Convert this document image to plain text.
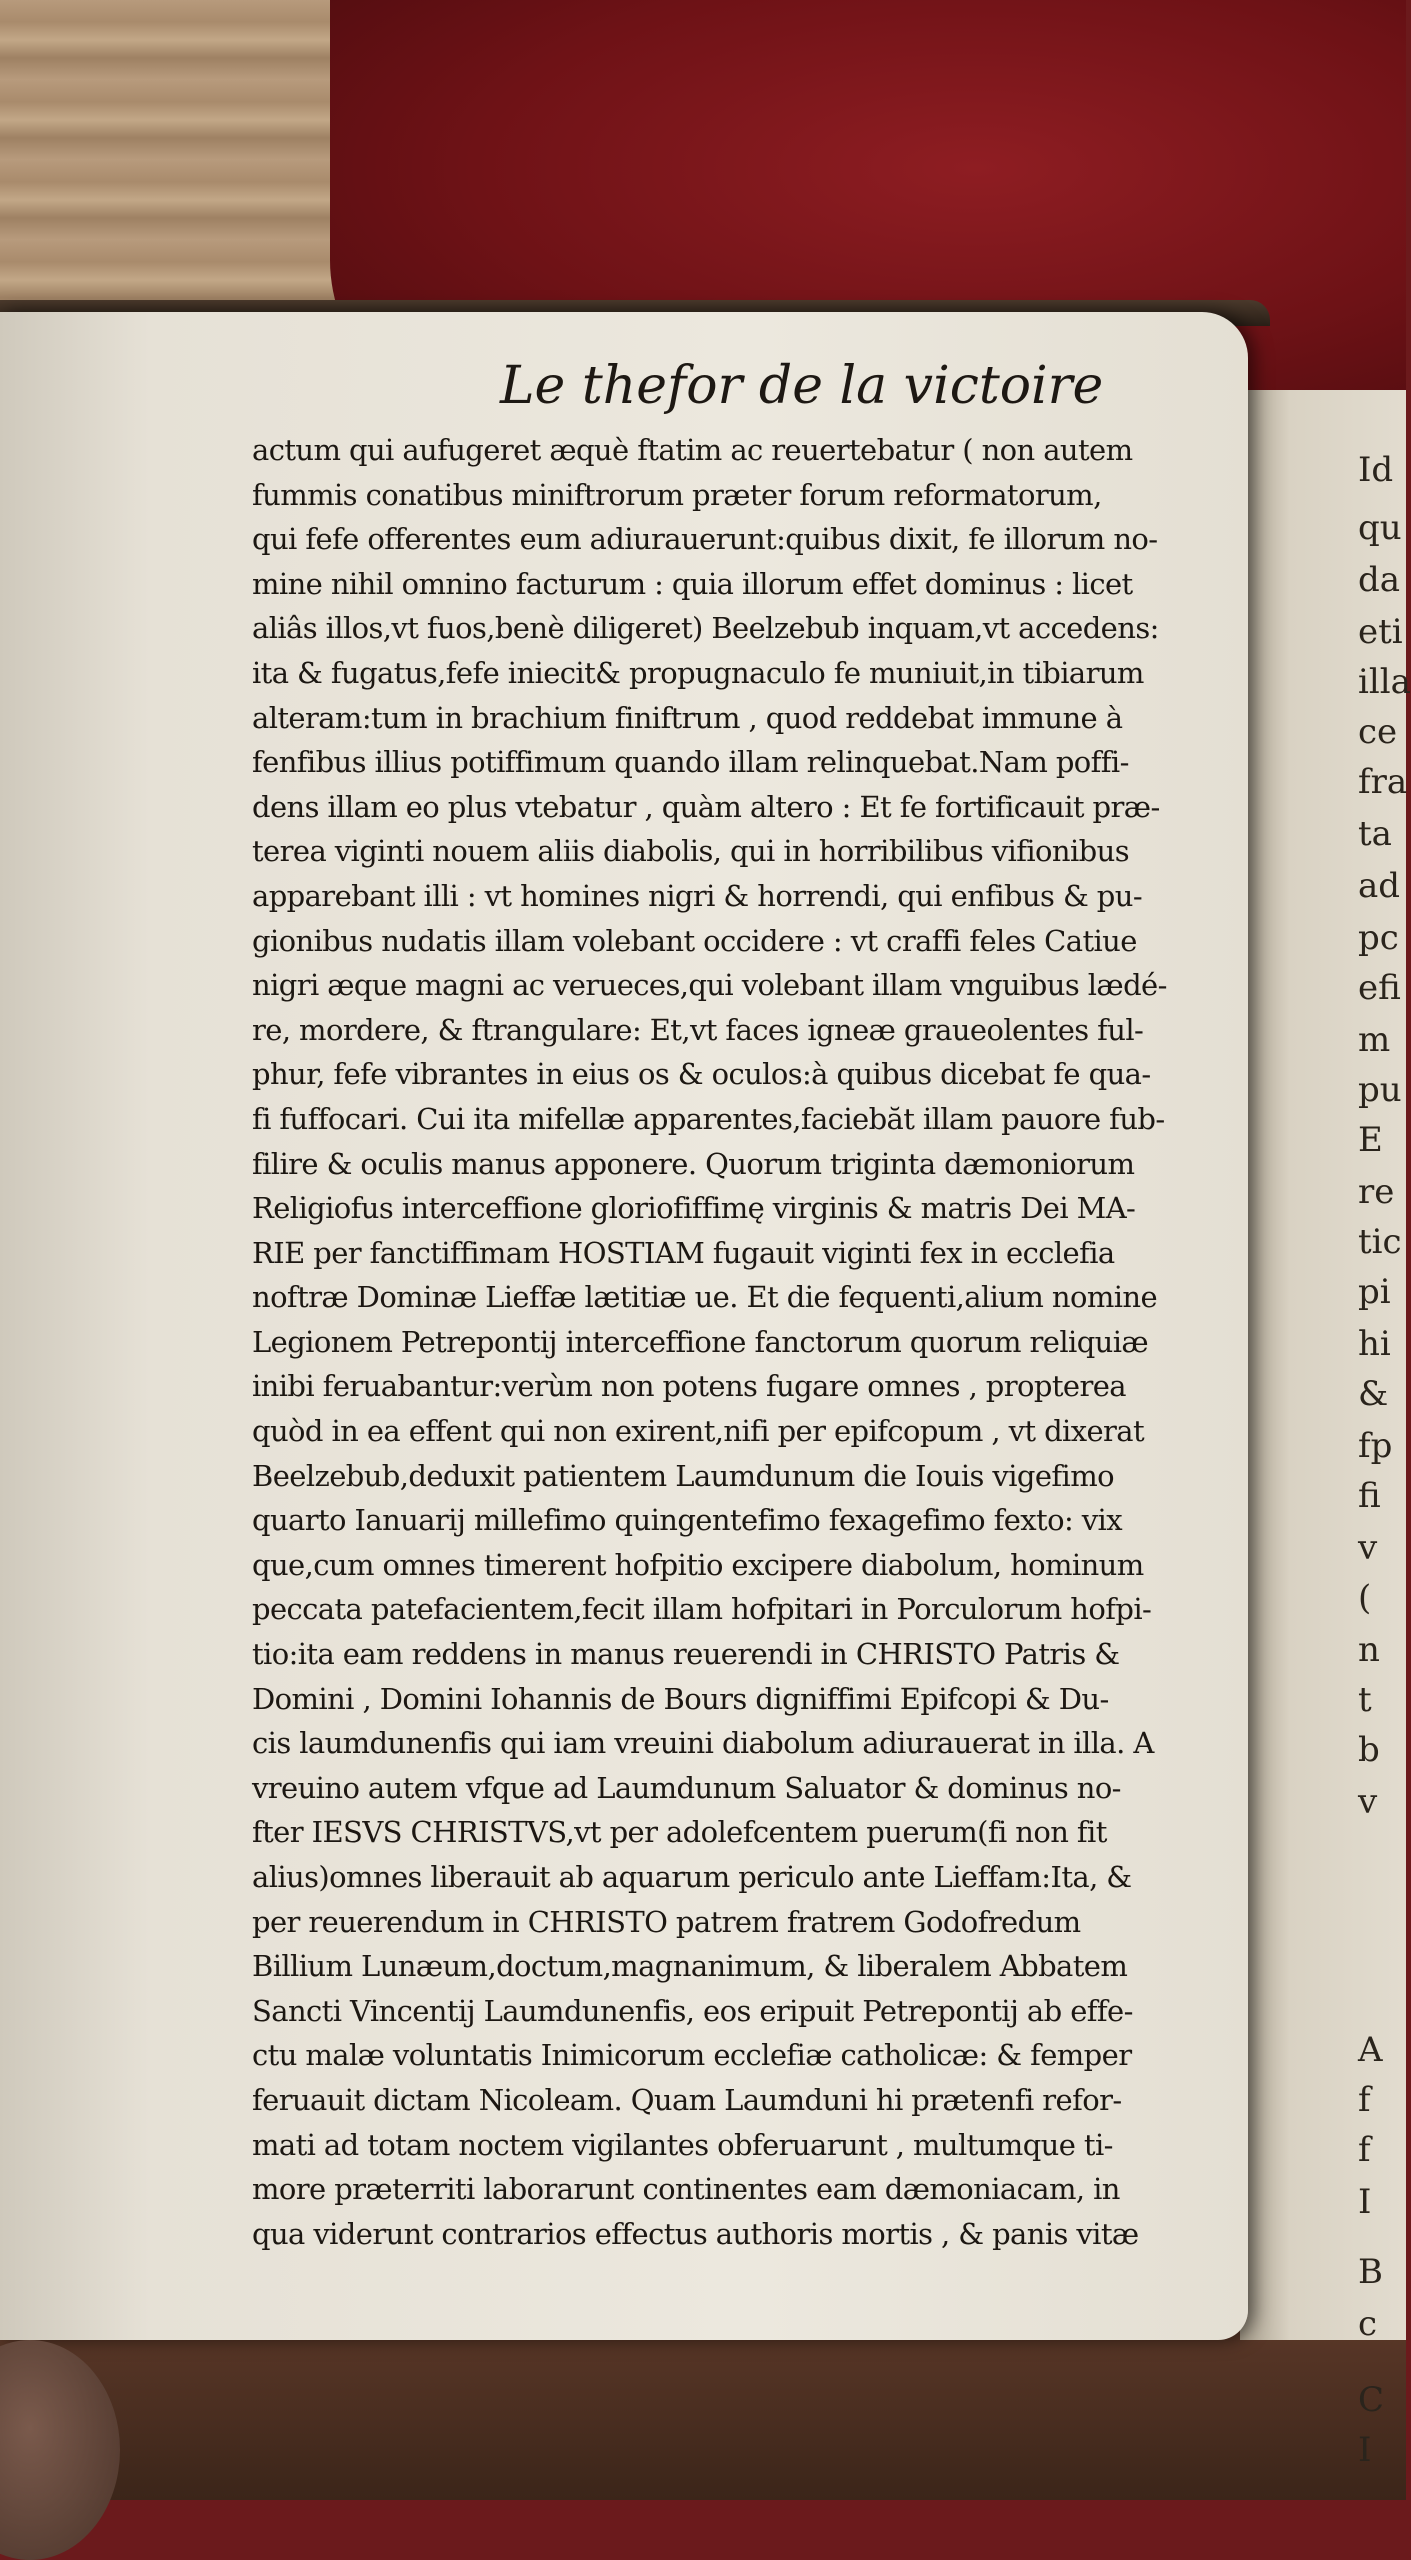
Id
qu
da
eti
illa
ce
fra
ta
ad
pc
efi
m
pu
E
re
tic
pi
hi
&
fp
fi
v
(
n
t
b
v
A
f
f
I
B
c
C
I
Le thefor de la victoire
actum qui aufugeret æquè ftatim ac reuertebatur ( non autem
fummis conatibus miniftrorum præter forum reformatorum,
qui fefe offerentes eum adiurauerunt:quibus dixit, fe illorum no-
mine nihil omnino facturum : quia illorum effet dominus : licet
aliâs illos,vt fuos,benè diligeret) Beelzebub inquam,vt accedens:
ita & fugatus,fefe iniecit& propugnaculo fe muniuit,in tibiarum
alteram:tum in brachium finiftrum , quod reddebat immune à
fenfibus illius potiffimum quando illam relinquebat.Nam poffi-
dens illam eo plus vtebatur , quàm altero : Et fe fortificauit præ-
terea viginti nouem aliis diabolis, qui in horribilibus vifionibus
apparebant illi : vt homines nigri & horrendi, qui enfibus & pu-
gionibus nudatis illam volebant occidere : vt craffi feles Catiue
nigri æque magni ac verueces,qui volebant illam vnguibus lædé-
re, mordere, & ftrangulare: Et,vt faces igneæ graueolentes ful-
phur, fefe vibrantes in eius os & oculos:à quibus dicebat fe qua-
fi fuffocari. Cui ita mifellæ apparentes,faciebăt illam pauore fub-
filire & oculis manus apponere. Quorum triginta dæmoniorum
Religiofus interceffione gloriofiffimę virginis & matris Dei MA-
RIE per fanctiffimam HOSTIAM fugauit viginti fex in ecclefia
noftræ Dominæ Lieffæ lætitiæ ue. Et die fequenti,alium nomine
Legionem Petrepontij interceffione fanctorum quorum reliquiæ
inibi feruabantur:verùm non potens fugare omnes , propterea
quòd in ea effent qui non exirent,nifi per epifcopum , vt dixerat
Beelzebub,deduxit patientem Laumdunum die Iouis vigefimo
quarto Ianuarij millefimo quingentefimo fexagefimo fexto: vix
que,cum omnes timerent hofpitio excipere diabolum, hominum
peccata patefacientem,fecit illam hofpitari in Porculorum hofpi-
tio:ita eam reddens in manus reuerendi in CHRISTO Patris &
Domini , Domini Iohannis de Bours digniffimi Epifcopi & Du-
cis laumdunenfis qui iam vreuini diabolum adiurauerat in illa. A
vreuino autem vfque ad Laumdunum Saluator & dominus no-
fter IESVS CHRISTVS,vt per adolefcentem puerum(fi non fit
alius)omnes liberauit ab aquarum periculo ante Lieffam:Ita, &
per reuerendum in CHRISTO patrem fratrem Godofredum
Billium Lunæum,doctum,magnanimum, & liberalem Abbatem
Sancti Vincentij Laumdunenfis, eos eripuit Petrepontij ab effe-
ctu malæ voluntatis Inimicorum ecclefiæ catholicæ: & femper
feruauit dictam Nicoleam. Quam Laumduni hi prætenfi refor-
mati ad totam noctem vigilantes obferuarunt , multumque ti-
more præterriti laborarunt continentes eam dæmoniacam, in
qua viderunt contrarios effectus authoris mortis , & panis vitæ
